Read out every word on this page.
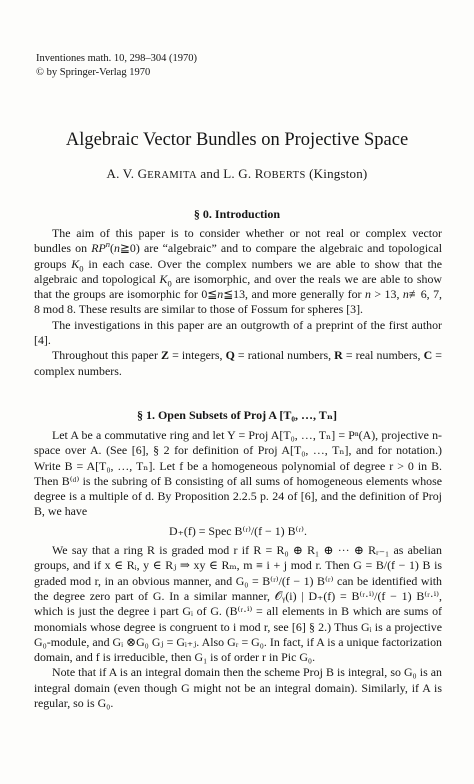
Inventiones math. 10, 298–304 (1970)
© by Springer-Verlag 1970
Algebraic Vector Bundles on Projective Space
A. V. GERAMITA and L. G. ROBERTS (Kingston)
§ 0. Introduction

The aim of this paper is to consider whether or not real or complex vector bundles on $RP^n(n≧0)$ are “algebraic” and to compare the algebraic and topological groups $K_0$ in each case. Over the complex numbers we are able to show that the algebraic and topological $K_0$ are isomorphic, and over the reals we are able to show that the groups are isomorphic for 0≦n≦13, and more generally for n > 13, n≢6, 7, 8 mod 8. These results are similar to those of Fossum for spheres [3].

The investigations in this paper are an outgrowth of a preprint of the first author [4].

Throughout this paper Z = integers, Q = rational numbers, R = real numbers, C = complex numbers.

§ 1. Open Subsets of Proj A [T₀, …, Tₙ]

Let A be a commutative ring and let Y = Proj A[T₀, …, Tₙ] = Pⁿ(A), projective n-space over A. (See [6], § 2 for definition of Proj A[T₀, …, Tₙ], and for notation.) Write B = A[T₀, …, Tₙ]. Let f be a homogeneous polynomial of degree r > 0 in B. Then B⁽ᵈ⁾ is the subring of B consisting of all sums of homogeneous elements whose degree is a multiple of d. By Proposition 2.2.5 p. 24 of [6], and the definition of Proj B, we have

D₊(f) = Spec B⁽ʳ⁾/(f − 1) B⁽ʳ⁾.

We say that a ring R is graded mod r if R = R₀ ⊕ R₁ ⊕ ··· ⊕ Rᵣ₋₁ as abelian groups, and if x ∈ Rᵢ, y ∈ Rⱼ ⇒ xy ∈ Rₘ, m ≡ i + j mod r. Then G = B/(f − 1) B is graded mod r, in an obvious manner, and G₀ = B⁽ʳ⁾/(f − 1) B⁽ʳ⁾ can be identified with the degree zero part of G. In a similar manner, 𝒪ᵧ(i) | D₊(f) = B⁽ʳ·ⁱ⁾/(f − 1) B⁽ʳ·ⁱ⁾, which is just the degree i part Gᵢ of G. (B⁽ʳ·ⁱ⁾ = all elements in B which are sums of monomials whose degree is congruent to i mod r, see [6] § 2.) Thus Gᵢ is a projective G₀-module, and Gᵢ ⊗G₀ Gⱼ = Gᵢ₊ⱼ. Also Gᵣ = G₀. In fact, if A is a unique factorization domain, and f is irreducible, then G₁ is of order r in Pic G₀.

Note that if A is an integral domain then the scheme Proj B is integral, so G₀ is an integral domain (even though G might not be an integral domain). Similarly, if A is regular, so is G₀.
